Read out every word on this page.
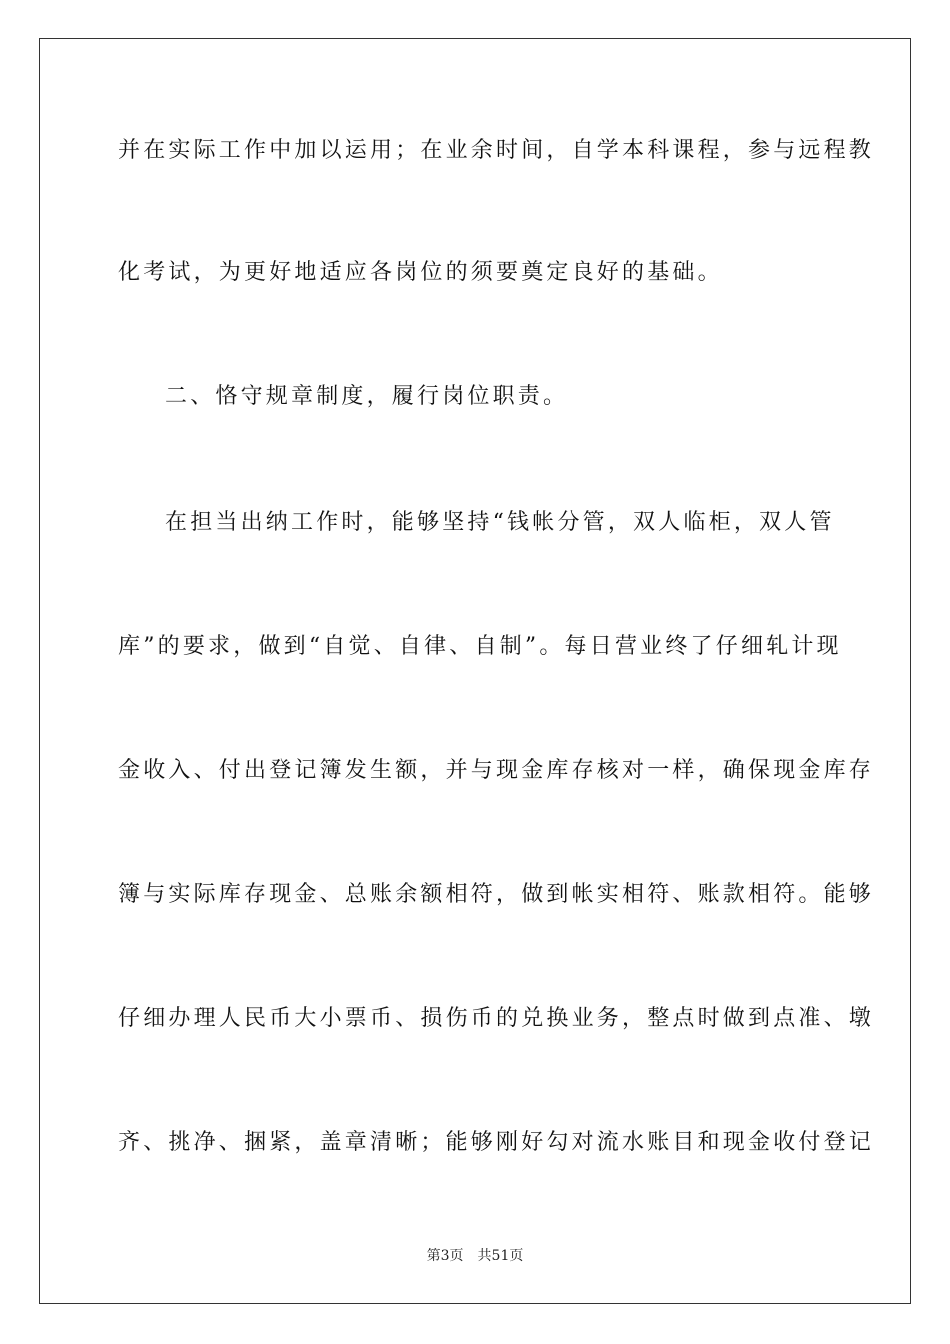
并在实际工作中加以运用；在业余时间，自学本科课程，参与远程教
化考试，为更好地适应各岗位的须要奠定良好的基础。
二、恪守规章制度，履行岗位职责。
在担当出纳工作时，能够坚持“钱帐分管，双人临柜，双人管
库”的要求，做到“自觉、自律、自制”。每日营业终了仔细轧计现
金收入、付出登记簿发生额，并与现金库存核对一样，确保现金库存
簿与实际库存现金、总账余额相符，做到帐实相符、账款相符。能够
仔细办理人民币大小票币、损伤币的兑换业务，整点时做到点准、墩
齐、挑净、捆紧，盖章清晰；能够刚好勾对流水账目和现金收付登记
第3页 共51页
